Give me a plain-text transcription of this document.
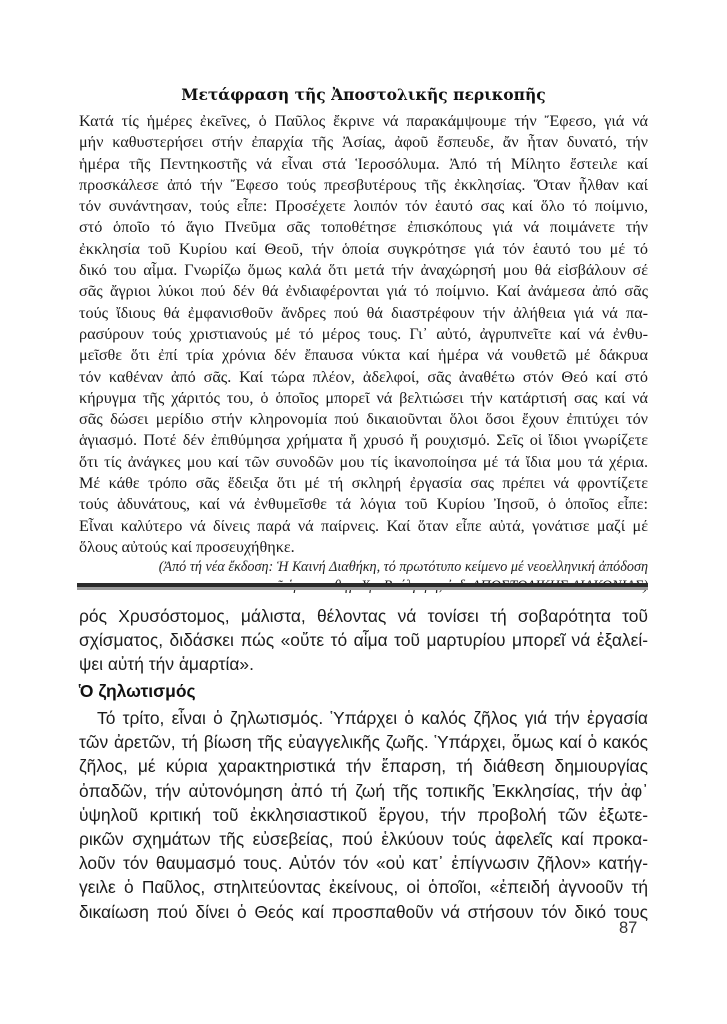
Μετάφραση τῆς Ἀποστολικῆς περικοπῆς
Κατά τίς ἡμέρες ἐκεῖνες, ὁ Παῦλος ἔκρινε νά παρακάμψουμε τήν Ἔφεσο, γιά νά
μήν καθυστερήσει στήν ἐπαρχία τῆς Ἀσίας, ἀφοῦ ἔσπευδε, ἄν ἦταν δυνατό, τήν
ἡμέρα τῆς Πεντηκοστῆς νά εἶναι στά Ἱεροσόλυμα. Ἀπό τή Μίλητο ἔστειλε καί
προσκάλεσε ἀπό τήν Ἔφεσο τούς πρεσβυτέρους τῆς ἐκκλησίας. Ὅταν ἦλθαν καί
τόν συνάντησαν, τούς εἶπε: Προσέχετε λοιπόν τόν ἑαυτό σας καί ὅλο τό ποίμνιο,
στό ὁποῖο τό ἅγιο Πνεῦμα σᾶς τοποθέτησε ἐπισκόπους γιά νά ποιμάνετε τήν
ἐκκλησία τοῦ Κυρίου καί Θεοῦ, τήν ὁποία συγκρότησε γιά τόν ἑαυτό του μέ τό
δικό του αἷμα. Γνωρίζω ὅμως καλά ὅτι μετά τήν ἀναχώρησή μου θά εἰσβάλουν σέ
σᾶς ἄγριοι λύκοι πού δέν θά ἐνδιαφέρονται γιά τό ποίμνιο. Καί ἀνάμεσα ἀπό σᾶς
τούς ἴδιους θά ἐμφανισθοῦν ἄνδρες πού θά διαστρέφουν τήν ἀλήθεια γιά νά πα-
ρασύρουν τούς χριστιανούς μέ τό μέρος τους. Γι᾽ αὐτό, ἀγρυπνεῖτε καί νά ἐνθυ-
μεῖσθε ὅτι ἐπί τρία χρόνια δέν ἔπαυσα νύκτα καί ἡμέρα νά νουθετῶ μέ δάκρυα
τόν καθέναν ἀπό σᾶς. Καί τώρα πλέον, ἀδελφοί, σᾶς ἀναθέτω στόν Θεό καί στό
κήρυγμα τῆς χάριτός του, ὁ ὁποῖος μπορεῖ νά βελτιώσει τήν κατάρτισή σας καί νά
σᾶς δώσει μερίδιο στήν κληρονομία πού δικαιοῦνται ὅλοι ὅσοι ἔχουν ἐπιτύχει τόν
ἁγιασμό. Ποτέ δέν ἐπιθύμησα χρήματα ἤ χρυσό ἤ ρουχισμό. Σεῖς οἱ ἴδιοι γνωρίζετε
ὅτι τίς ἀνάγκες μου καί τῶν συνοδῶν μου τίς ἱκανοποίησα μέ τά ἴδια μου τά χέρια.
Μέ κάθε τρόπο σᾶς ἔδειξα ὅτι μέ τή σκληρή ἐργασία σας πρέπει νά φροντίζετε
τούς ἀδυνάτους, καί νά ἐνθυμεῖσθε τά λόγια τοῦ Κυρίου Ἰησοῦ, ὁ ὁποῖος εἶπε:
Εἶναι καλύτερο νά δίνεις παρά νά παίρνεις. Καί ὅταν εἶπε αὐτά, γονάτισε μαζί μέ
ὅλους αὐτούς καί προσευχήθηκε.
(Ἀπό τή νέα ἔκδοση: Ἡ Καινή Διαθήκη, τό πρωτότυπο κείμενο μέ νεοελληνική ἀπόδοση
ρός Χρυσόστομος, μάλιστα, θέλοντας νά τονίσει τή σοβαρότητα τοῦ
σχίσματος, διδάσκει πώς «οὔτε τό αἷμα τοῦ μαρτυρίου μπορεῖ νά ἐξαλεί-
ψει αὐτή τήν ἁμαρτία».
Ὁ ζηλωτισμός
Τό τρίτο, εἶναι ὁ ζηλωτισμός. Ὑπάρχει ὁ καλός ζῆλος γιά τήν ἐργασία
τῶν ἀρετῶν, τή βίωση τῆς εὐαγγελικῆς ζωῆς. Ὑπάρχει, ὅμως καί ὁ κακός
ζῆλος, μέ κύρια χαρακτηριστικά τήν ἔπαρση, τή διάθεση δημιουργίας
ὀπαδῶν, τήν αὐτονόμηση ἀπό τή ζωή τῆς τοπικῆς Ἐκκλησίας, τήν ἀφ᾽
ὑψηλοῦ κριτική τοῦ ἐκκλησιαστικοῦ ἔργου, τήν προβολή τῶν ἐξωτε-
ρικῶν σχημάτων τῆς εὐσεβείας, πού ἑλκύουν τούς ἀφελεῖς καί προκα-
λοῦν τόν θαυμασμό τους. Αὐτόν τόν «οὐ κατ᾽ ἐπίγνωσιν ζῆλον» κατήγ-
γειλε ὁ Παῦλος, στηλιτεύοντας ἐκείνους, οἱ ὁποῖοι, «ἐπειδή ἀγνοοῦν τή
δικαίωση πού δίνει ὁ Θεός καί προσπαθοῦν νά στήσουν τόν δικό τους
87
